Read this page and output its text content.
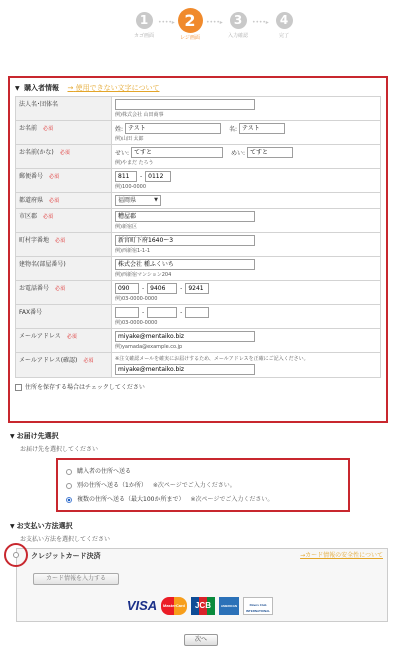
1
カゴ画面
• • • • ▸ 2
レジ画面
• • • • ▸	3
入力確認
• • • • ▸	4
完了
▼ 購入者情報 → 使用できない文字について
法人名･団体名	例)株式会社 山田商事

お名前 必須	姓: テスト 名: テスト
例)山田 太郎

お名前(かな) 必須	せい: てすと めい: てすと
例)やまだ たろう

郵便番号 必須	811 - 0112
例)100-0000

都道府県 必須	福岡県 ▼

市区郡 必須	糟屋郡
例)新宿区

町村字番地 必須	新宮町下府1640ー3
例)西新宿1-1-1

建物名(部屋番号)	株式会社 種ふくいち
例)西新宿マンション204

お電話番号 必須	090 - 9406 - 9241
例)03-0000-0000

FAX番号	- -
例)03-0000-0000

メールアドレス 必須	miyake@mentaiko.biz
例)yamada@example.co.jp

メールアドレス(確認) 必須	※注文確認メールを確実にお届けするため、メールアドレスを正確にご記入ください。
miyake@mentaiko.biz
住所を保存する場合はチェックしてください
▼ お届け先選択
お届け先を選択してください
購入者の住所へ送る
別の住所へ送る（1か所） ※次ページでご入力ください。
複数の住所へ送る（最大100か所まで） ※次ページでご入力ください。
▼ お支払い方法選択
お支払い方法を選択してください
クレジットカード決済	→カード情報の安全性について
カード情報を入力する
VISA	MasterCard	JCB	AMERICAN EXPRESS
Diners Club INTERNATIONAL
次へ
